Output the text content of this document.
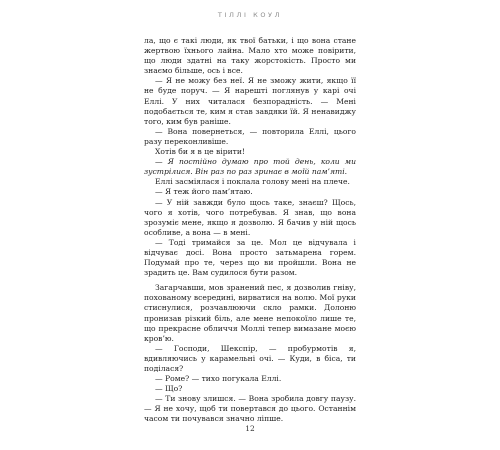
ТІЛЛІ КОУЛ

ла, що є такі люди, як твої батьки, і що вона стане жертвою їхнього лайна. Мало хто може повірити, що люди здатні на таку жорстокість. Просто ми знаємо більше, ось і все.

— Я не можу без неї. Я не зможу жити, якщо її не буде поруч. — Я нарешті поглянув у карі очі Еллі. У них читалася безпорадність. — Мені подобається те, ким я став завдяки їй. Я ненавиджу того, ким був раніше.

— Вона повернеться, — повторила Еллі, цього разу переконливіше.

Хотів би я в це вірити!

— Я постійно думаю про той день, коли ми зустрілися. Він раз по раз зринає в моїй пам’яті.

Еллі засміялася і поклала голову мені на плече.

— Я теж його пам’ятаю.

— У ній завжди було щось таке, знаєш? Щось, чого я хотів, чого потребував. Я знав, що вона зрозуміє мене, якщо я дозволю. Я бачив у ній щось особливе, а вона — в мені.

— Тоді тримайся за це. Мол це відчувала і відчуває досі. Вона просто затьмарена горем. Подумай про те, через що ви пройшли. Вона не зрадить це. Вам судилося бути разом.

Загарчавши, мов зранений пес, я дозволив гніву, похованому всередині, вирватися на волю. Мої руки стиснулися, розчавлюючи скло рамки. Долоню пронизав різкий біль, але мене непокоїло лише те, що прекрасне обличчя Моллі тепер вимазане моєю кров’ю.

— Господи, Шекспір, — пробурмотів я, вдивляючись у карамельні очі. — Куди, в біса, ти поділася?

— Роме? — тихо погукала Еллі.

— Що?

— Ти знову злишся. — Вона зробила довгу паузу. — Я не хочу, щоб ти повертався до цього. Останнім часом ти почувався значно ліпше.

12
